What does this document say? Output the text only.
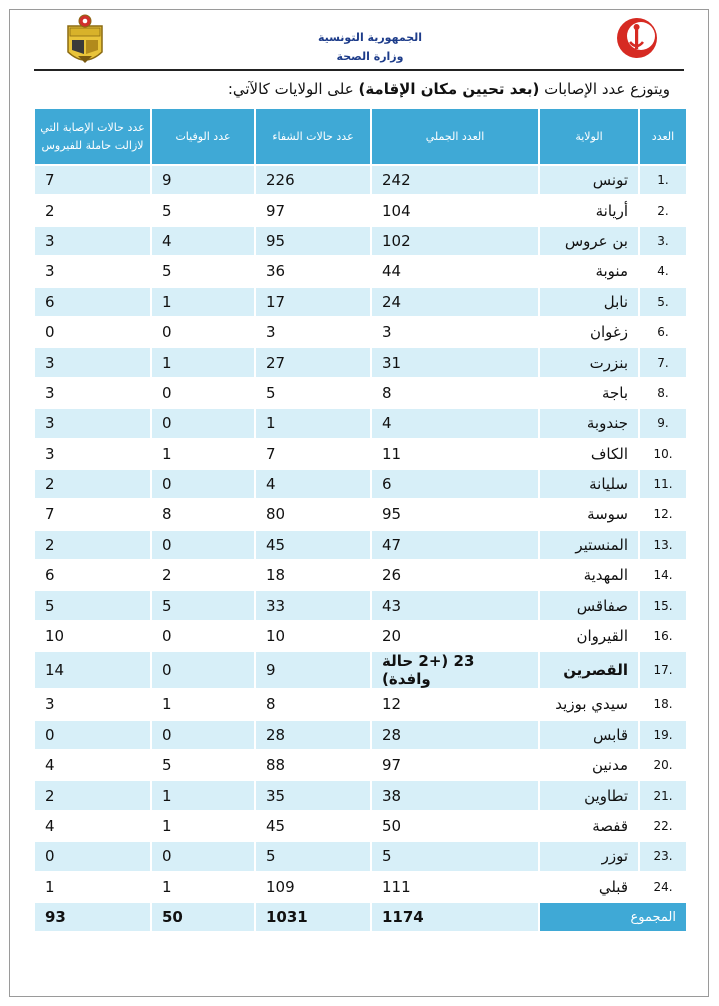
الجمهورية التونسية
وزارة الصحة
ويتوزع عدد الإصابات (بعد تحيين مكان الإقامة) على الولايات كالآتي:
العدد	الولاية	العدد الجملي	عدد حالات الشفاء	عدد الوفيات	عدد حالات الإصابة التي لازالت حاملة للفيروس
.1	تونس	242	226	9	7
.2	أريانة	104	97	5	2
.3	بن عروس	102	95	4	3
.4	منوبة	44	36	5	3
.5	نابل	24	17	1	6
.6	زغوان	3	3	0	0
.7	بنزرت	31	27	1	3
.8	باجة	8	5	0	3
.9	جندوبة	4	1	0	3
.10	الكاف	11	7	1	3
.11	سليانة	6	4	0	2
.12	سوسة	95	80	8	7
.13	المنستير	47	45	0	2
.14	المهدية	26	18	2	6
.15	صفاقس	43	33	5	5
.16	القيروان	20	10	0	10
.17	القصرين	23 (+2 حالة وافدة)	9	0	14
.18	سيدي بوزيد	12	8	1	3
.19	قابس	28	28	0	0
.20	مدنين	97	88	5	4
.21	تطاوين	38	35	1	2
.22	قفصة	50	45	1	4
.23	توزر	5	5	0	0
.24	قبلي	111	109	1	1
المجموع		1174	1031	50	93
